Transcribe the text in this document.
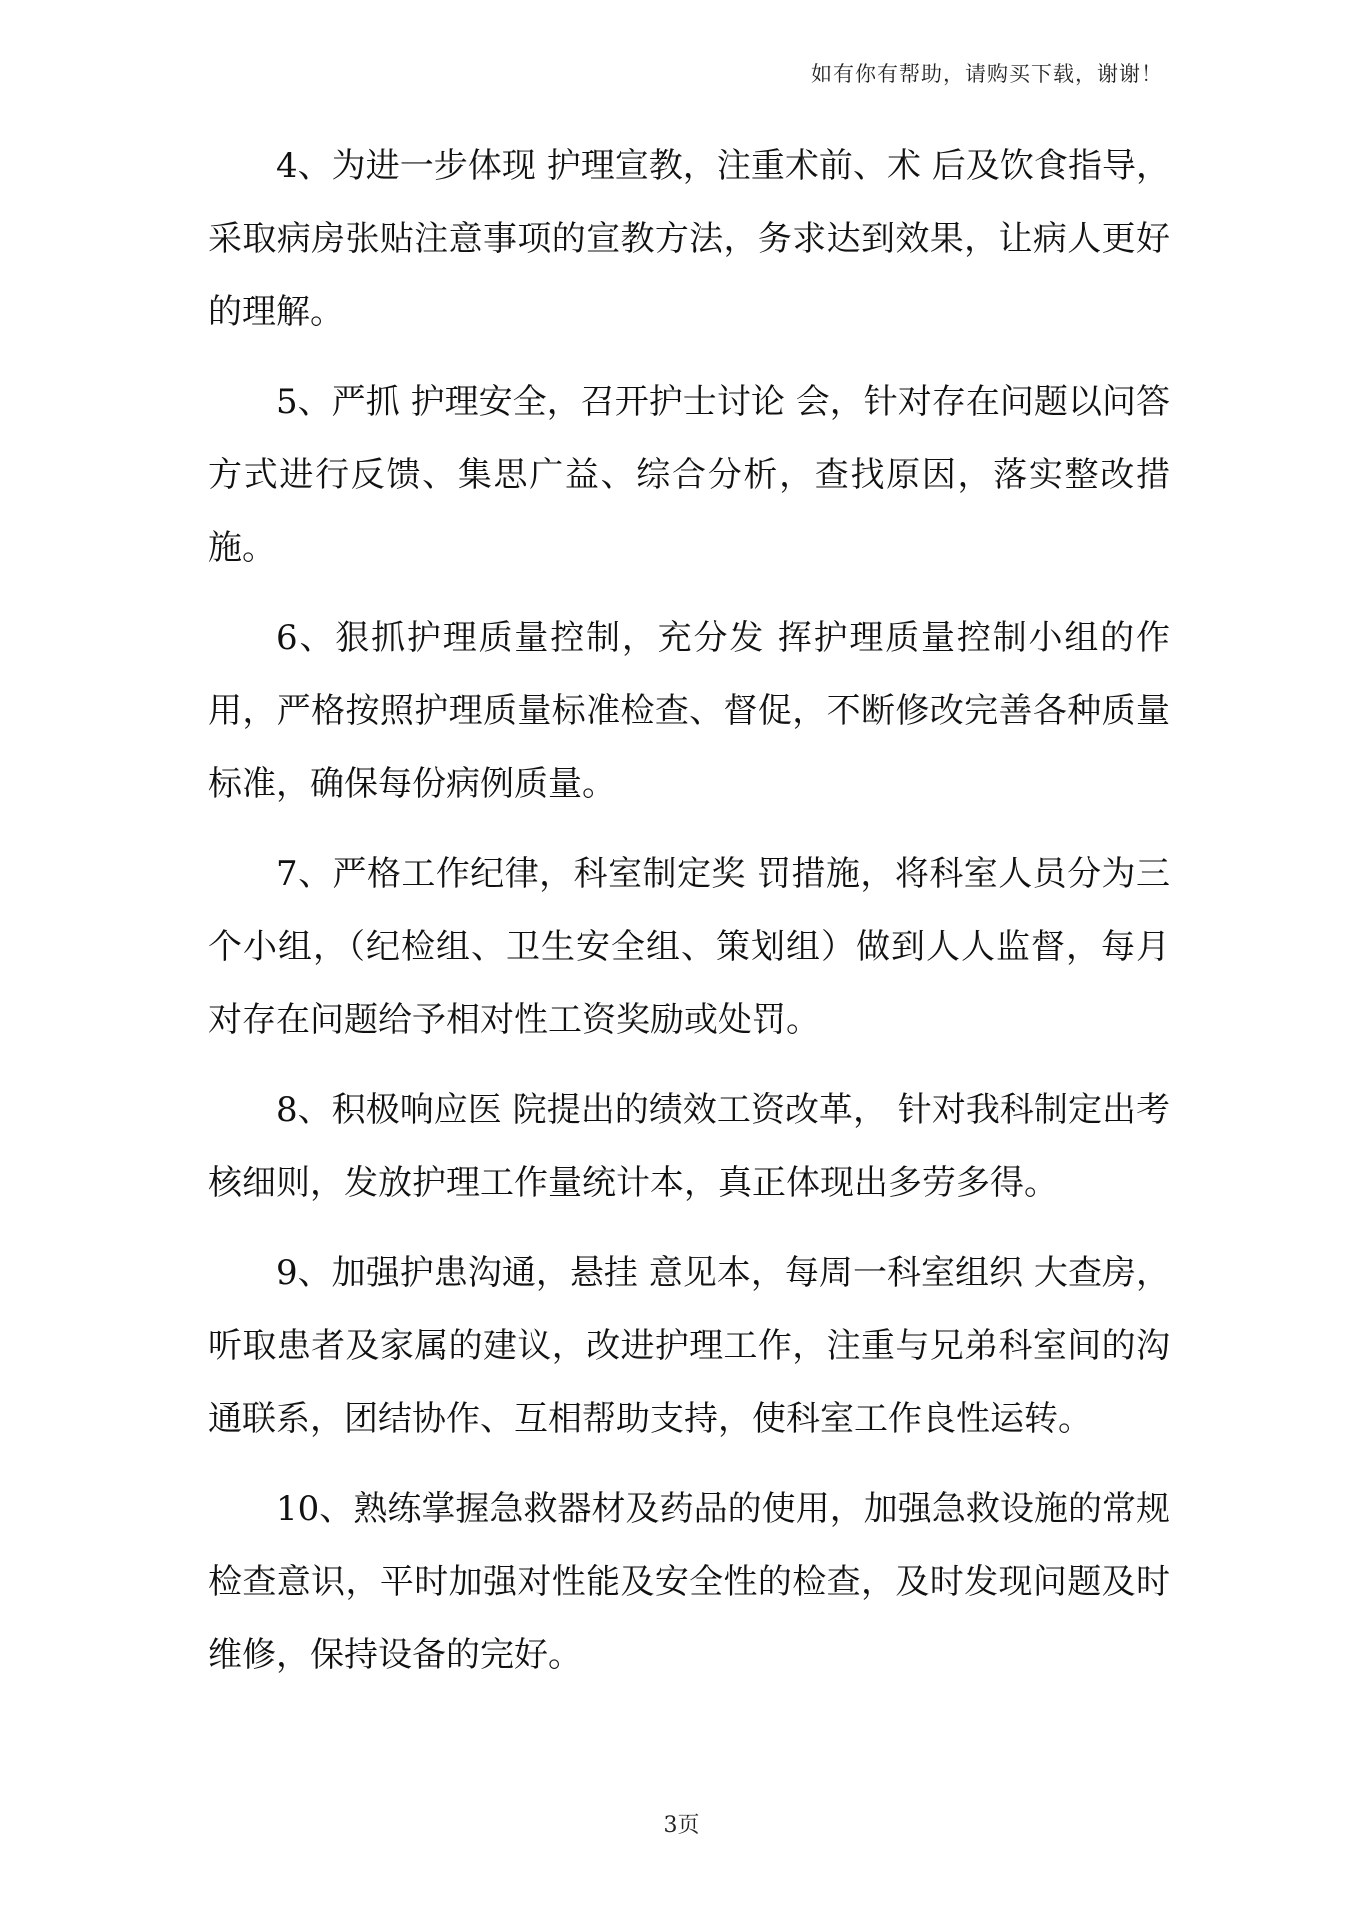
如有你有帮助，请购买下载，谢谢！

4、为进一步体现 护理宣教，注重术前、术 后及饮食指导，采取病房张贴注意事项的宣教方法，务求达到效果，让病人更好的理解。

5、严抓 护理安全，召开护士讨论 会，针对存在问题以问答方式进行反馈、集思广益、综合分析，查找原因，落实整改措施。

6、狠抓护理质量控制，充分发 挥护理质量控制小组的作用，严格按照护理质量标准检查、督促，不断修改完善各种质量标准，确保每份病例质量。

7、严格工作纪律，科室制定奖 罚措施，将科室人员分为三个小组，（纪检组、卫生安全组、策划组）做到人人监督，每月对存在问题给予相对性工资奖励或处罚。

8、积极响应医 院提出的绩效工资改革， 针对我科制定出考核细则，发放护理工作量统计本，真正体现出多劳多得。

9、加强护患沟通，悬挂 意见本，每周一科室组织 大查房，听取患者及家属的建议，改进护理工作，注重与兄弟科室间的沟通联系，团结协作、互相帮助支持，使科室工作良性运转。

10、熟练掌握急救器材及药品的使用，加强急救设施的常规检查意识，平时加强对性能及安全性的检查，及时发现问题及时维修，保持设备的完好。

3页
